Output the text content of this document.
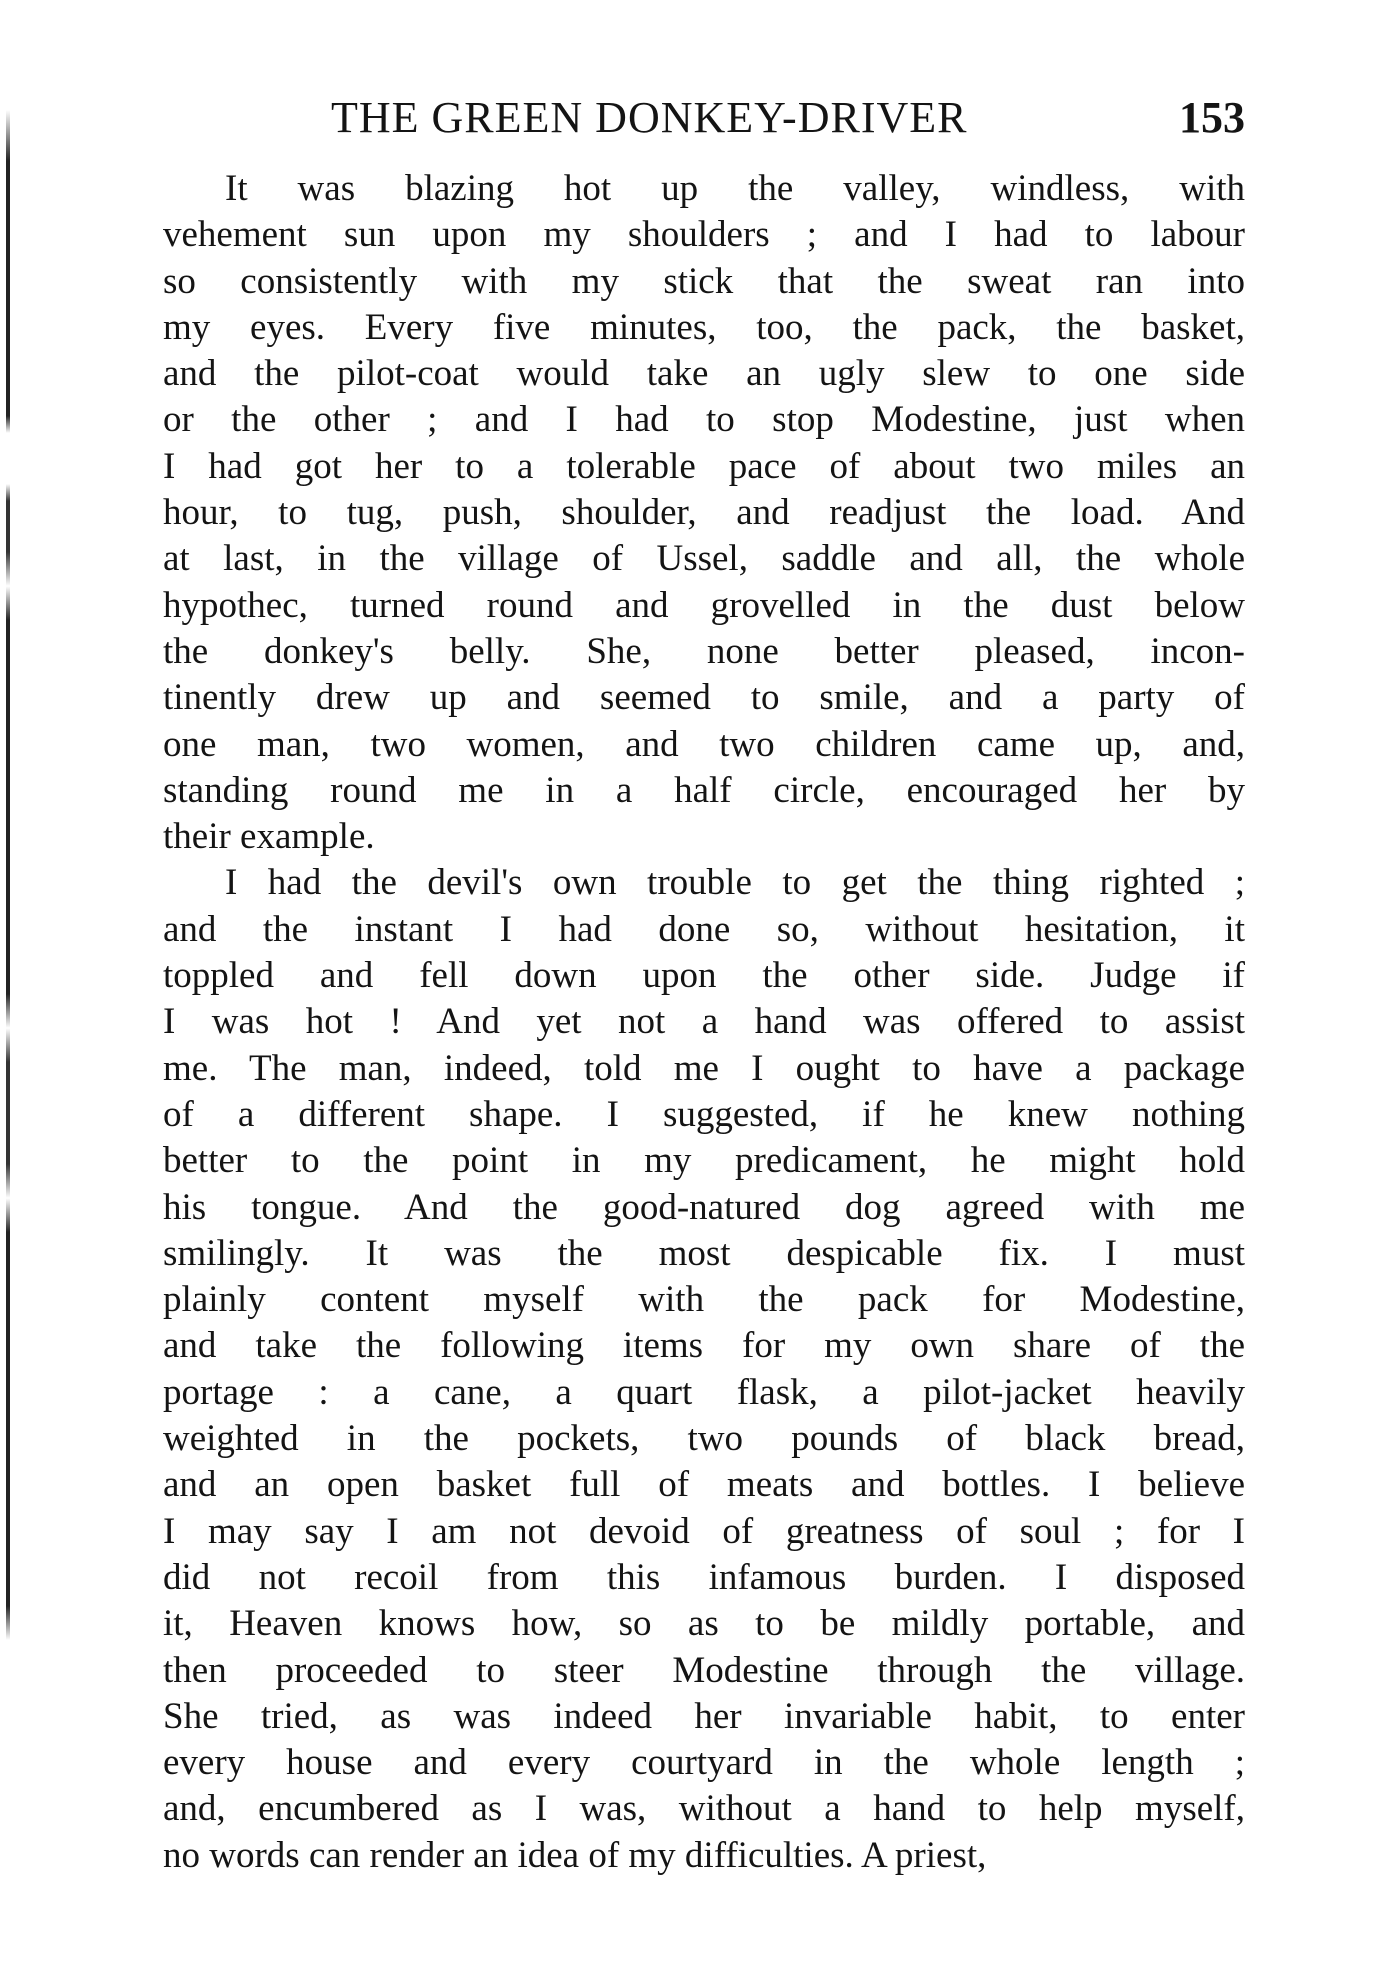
THE GREEN DONKEY-DRIVER	153
It was blazing hot up the valley, windless, with
vehement sun upon my shoulders ; and I had to labour
so consistently with my stick that the sweat ran into
my eyes. Every five minutes, too, the pack, the basket,
and the pilot-coat would take an ugly slew to one side
or the other ; and I had to stop Modestine, just when
I had got her to a tolerable pace of about two miles an
hour, to tug, push, shoulder, and readjust the load. And
at last, in the village of Ussel, saddle and all, the whole
hypothec, turned round and grovelled in the dust below
the donkey's belly. She, none better pleased, incon-
tinently drew up and seemed to smile, and a party of
one man, two women, and two children came up, and,
standing round me in a half circle, encouraged her by
their example.
I had the devil's own trouble to get the thing righted ;
and the instant I had done so, without hesitation, it
toppled and fell down upon the other side. Judge if
I was hot ! And yet not a hand was offered to assist
me. The man, indeed, told me I ought to have a package
of a different shape. I suggested, if he knew nothing
better to the point in my predicament, he might hold
his tongue. And the good-natured dog agreed with me
smilingly. It was the most despicable fix. I must
plainly content myself with the pack for Modestine,
and take the following items for my own share of the
portage : a cane, a quart flask, a pilot-jacket heavily
weighted in the pockets, two pounds of black bread,
and an open basket full of meats and bottles. I believe
I may say I am not devoid of greatness of soul ; for I
did not recoil from this infamous burden. I disposed
it, Heaven knows how, so as to be mildly portable, and
then proceeded to steer Modestine through the village.
She tried, as was indeed her invariable habit, to enter
every house and every courtyard in the whole length ;
and, encumbered as I was, without a hand to help myself,
no words can render an idea of my difficulties. A priest,
